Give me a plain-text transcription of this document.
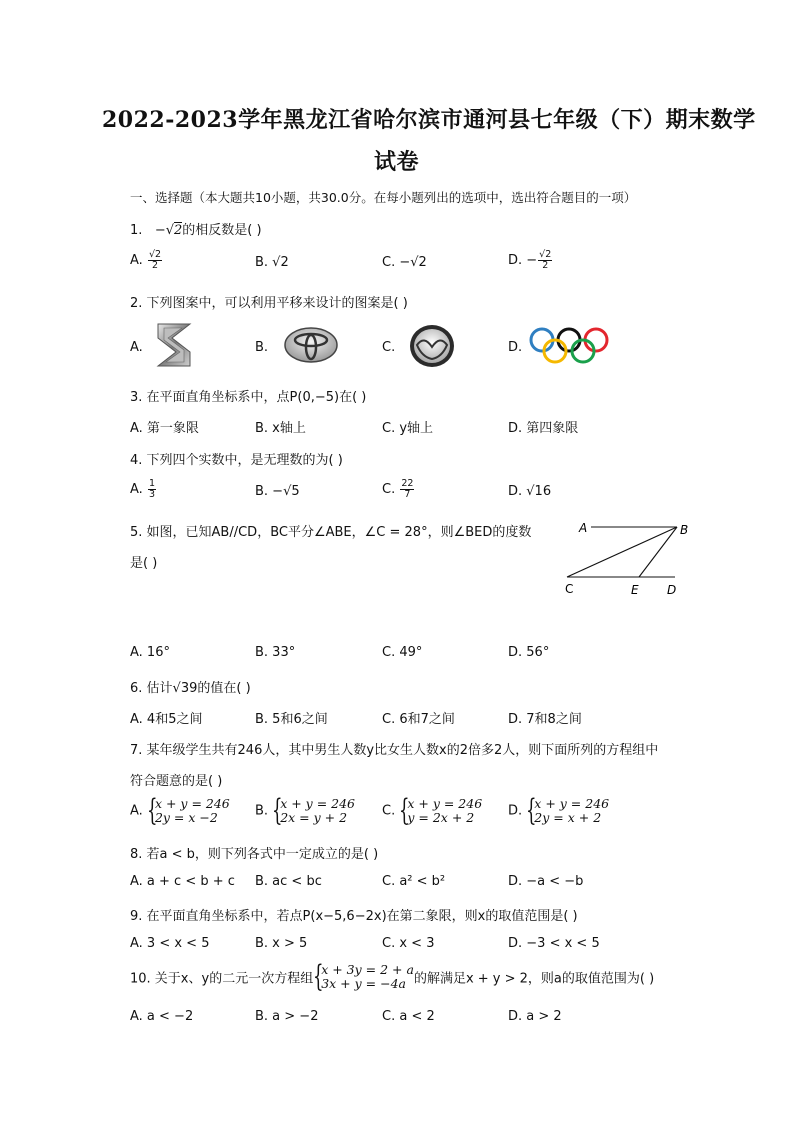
2022-2023学年黑龙江省哈尔滨市通河县七年级（下）期末数学
试卷
一、选择题（本大题共10小题，共30.0分。在每小题列出的选项中，选出符合题目的一项）
1. −√2的相反数是( )
A. $\frac{√2}{2}$	B. √2	C. −√2	D. − $\frac{√2}{2}$
2. 下列图案中，可以利用平移来设计的图案是( )
A.	B.	C.	D.
3. 在平面直角坐标系中，点P(0,−5)在( )
A. 第一象限	B. x轴上	C. y轴上	D. 第四象限
4. 下列四个实数中，是无理数的为( )
A. $\frac{1}{3}$	B. −√5	C. $\frac{22}{7}$	D. √16
5. 如图，已知AB//CD，BC平分∠ABE，∠C = 28°，则∠BED的度数
是( )
A	B
C	E D
A. 16°	B. 33°	C. 49°	D. 56°
6. 估计√39的值在( )
A. 4和5之间	B. 5和6之间	C. 6和7之间	D. 7和8之间
7. 某年级学生共有246人，其中男生人数y比女生人数x的2倍多2人，则下面所列的方程组中
符合题意的是( )
A. {
x + y = 246
2y = x −2	B. {
x + y = 246
2x = y + 2	C. {
x + y = 246
y = 2x + 2	D. {
x + y = 246
2y = x + 2
8. 若a < b，则下列各式中一定成立的是( )
A. a + c < b + c B. ac < bc	C. a² < b²	D. −a < −b
9. 在平面直角坐标系中，若点P(x−5,6−2x)在第二象限，则x的取值范围是( )
A. 3 < x < 5	B. x > 5	C. x < 3	D. −3 < x < 5
10. 关于x、y的二元一次方程组 {
x + 3y = 2 + a
3x + y = −4a 的解满足x + y > 2，则a的取值范围为( )
A. a < −2	B. a > −2	C. a < 2	D. a > 2
